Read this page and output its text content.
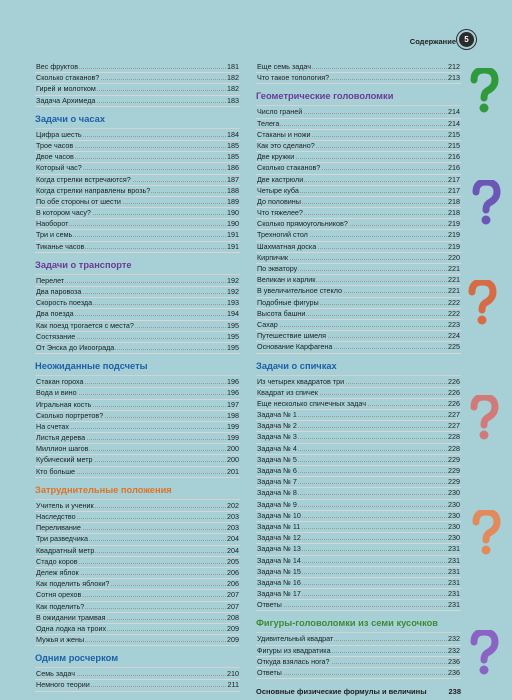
Содержание	5
Вес фруктов	181
Сколько стаканов?	182
Гирей и молотком	182
Задача Архимеда	183
Задачи о часах
Цифра шесть	184
Трое часов	185
Двое часов	185
Который час?	186
Когда стрелки встречаются?	187
Когда стрелки направлены врозь?	188
По обе стороны от шести	189
В котором часу?	190
Наоборот	190
Три и семь	191
Тиканье часов	191
Задачи о транспорте
Перелет	192
Два паровоза	192
Скорость поезда	193
Два поезда	194
Как поезд трогается с места?	195
Состязание	195
От Энска до Икоограда	195
Неожиданные подсчеты
Стакан гороха	196
Вода и вино	196
Игральная кость	197
Сколько портретов?	198
На счетах	199
Листья дерева	199
Миллион шагов	200
Кубический метр	200
Кто больше	201
Затруднительные положения
Учитель и ученик	202
Наследство	203
Переливание	203
Три разведчика	204
Квадратный метр	204
Стадо коров	205
Дележ яблок	206
Как поделить яблоки?	206
Сотня орехов	207
Как поделить?	207
В ожидании трамвая	208
Одна лодка на троих	209
Мужья и жены	209
Одним росчерком
Семь задач	210
Немного теории	211
Еще семь задач	212
Что такое топология?	213
Геометрические головоломки
Число граней	214
Телега	214
Стаканы и ножи	215
Как это сделано?	215
Две кружки	216
Сколько стаканов?	216
Две кастрюли	217
Четыре куба	217
До половины	218
Что тяжелее?	218
Сколько прямоугольников?	219
Трехногий стол	219
Шахматная доска	219
Кирпичик	220
По экватору	221
Великан и карлик	221
В увеличительное стекло	221
Подобные фигуры	222
Высота башни	222
Сахар	223
Путешествие шмеля	224
Основание Карфагена	225
Задачи о спичках
Из четырех квадратов три	226
Квадрат из спичек	226
Еще несколько спичечных задач	226
Задача № 1	227
Задача № 2	227
Задача № 3	228
Задача № 4	228
Задача № 5	229
Задача № 6	229
Задача № 7	229
Задача № 8	230
Задача № 9	230
Задача № 10	230
Задача № 11	230
Задача № 12	230
Задача № 13	231
Задача № 14	231
Задача № 15	231
Задача № 16	231
Задача № 17	231
Ответы	231
Фигуры-головоломки из семи кусочков
Удивительный квадрат	232
Фигуры из квадратика	232
Откуда взялась нога?	236
Ответы	236
Основные физические формулы и величины	238
